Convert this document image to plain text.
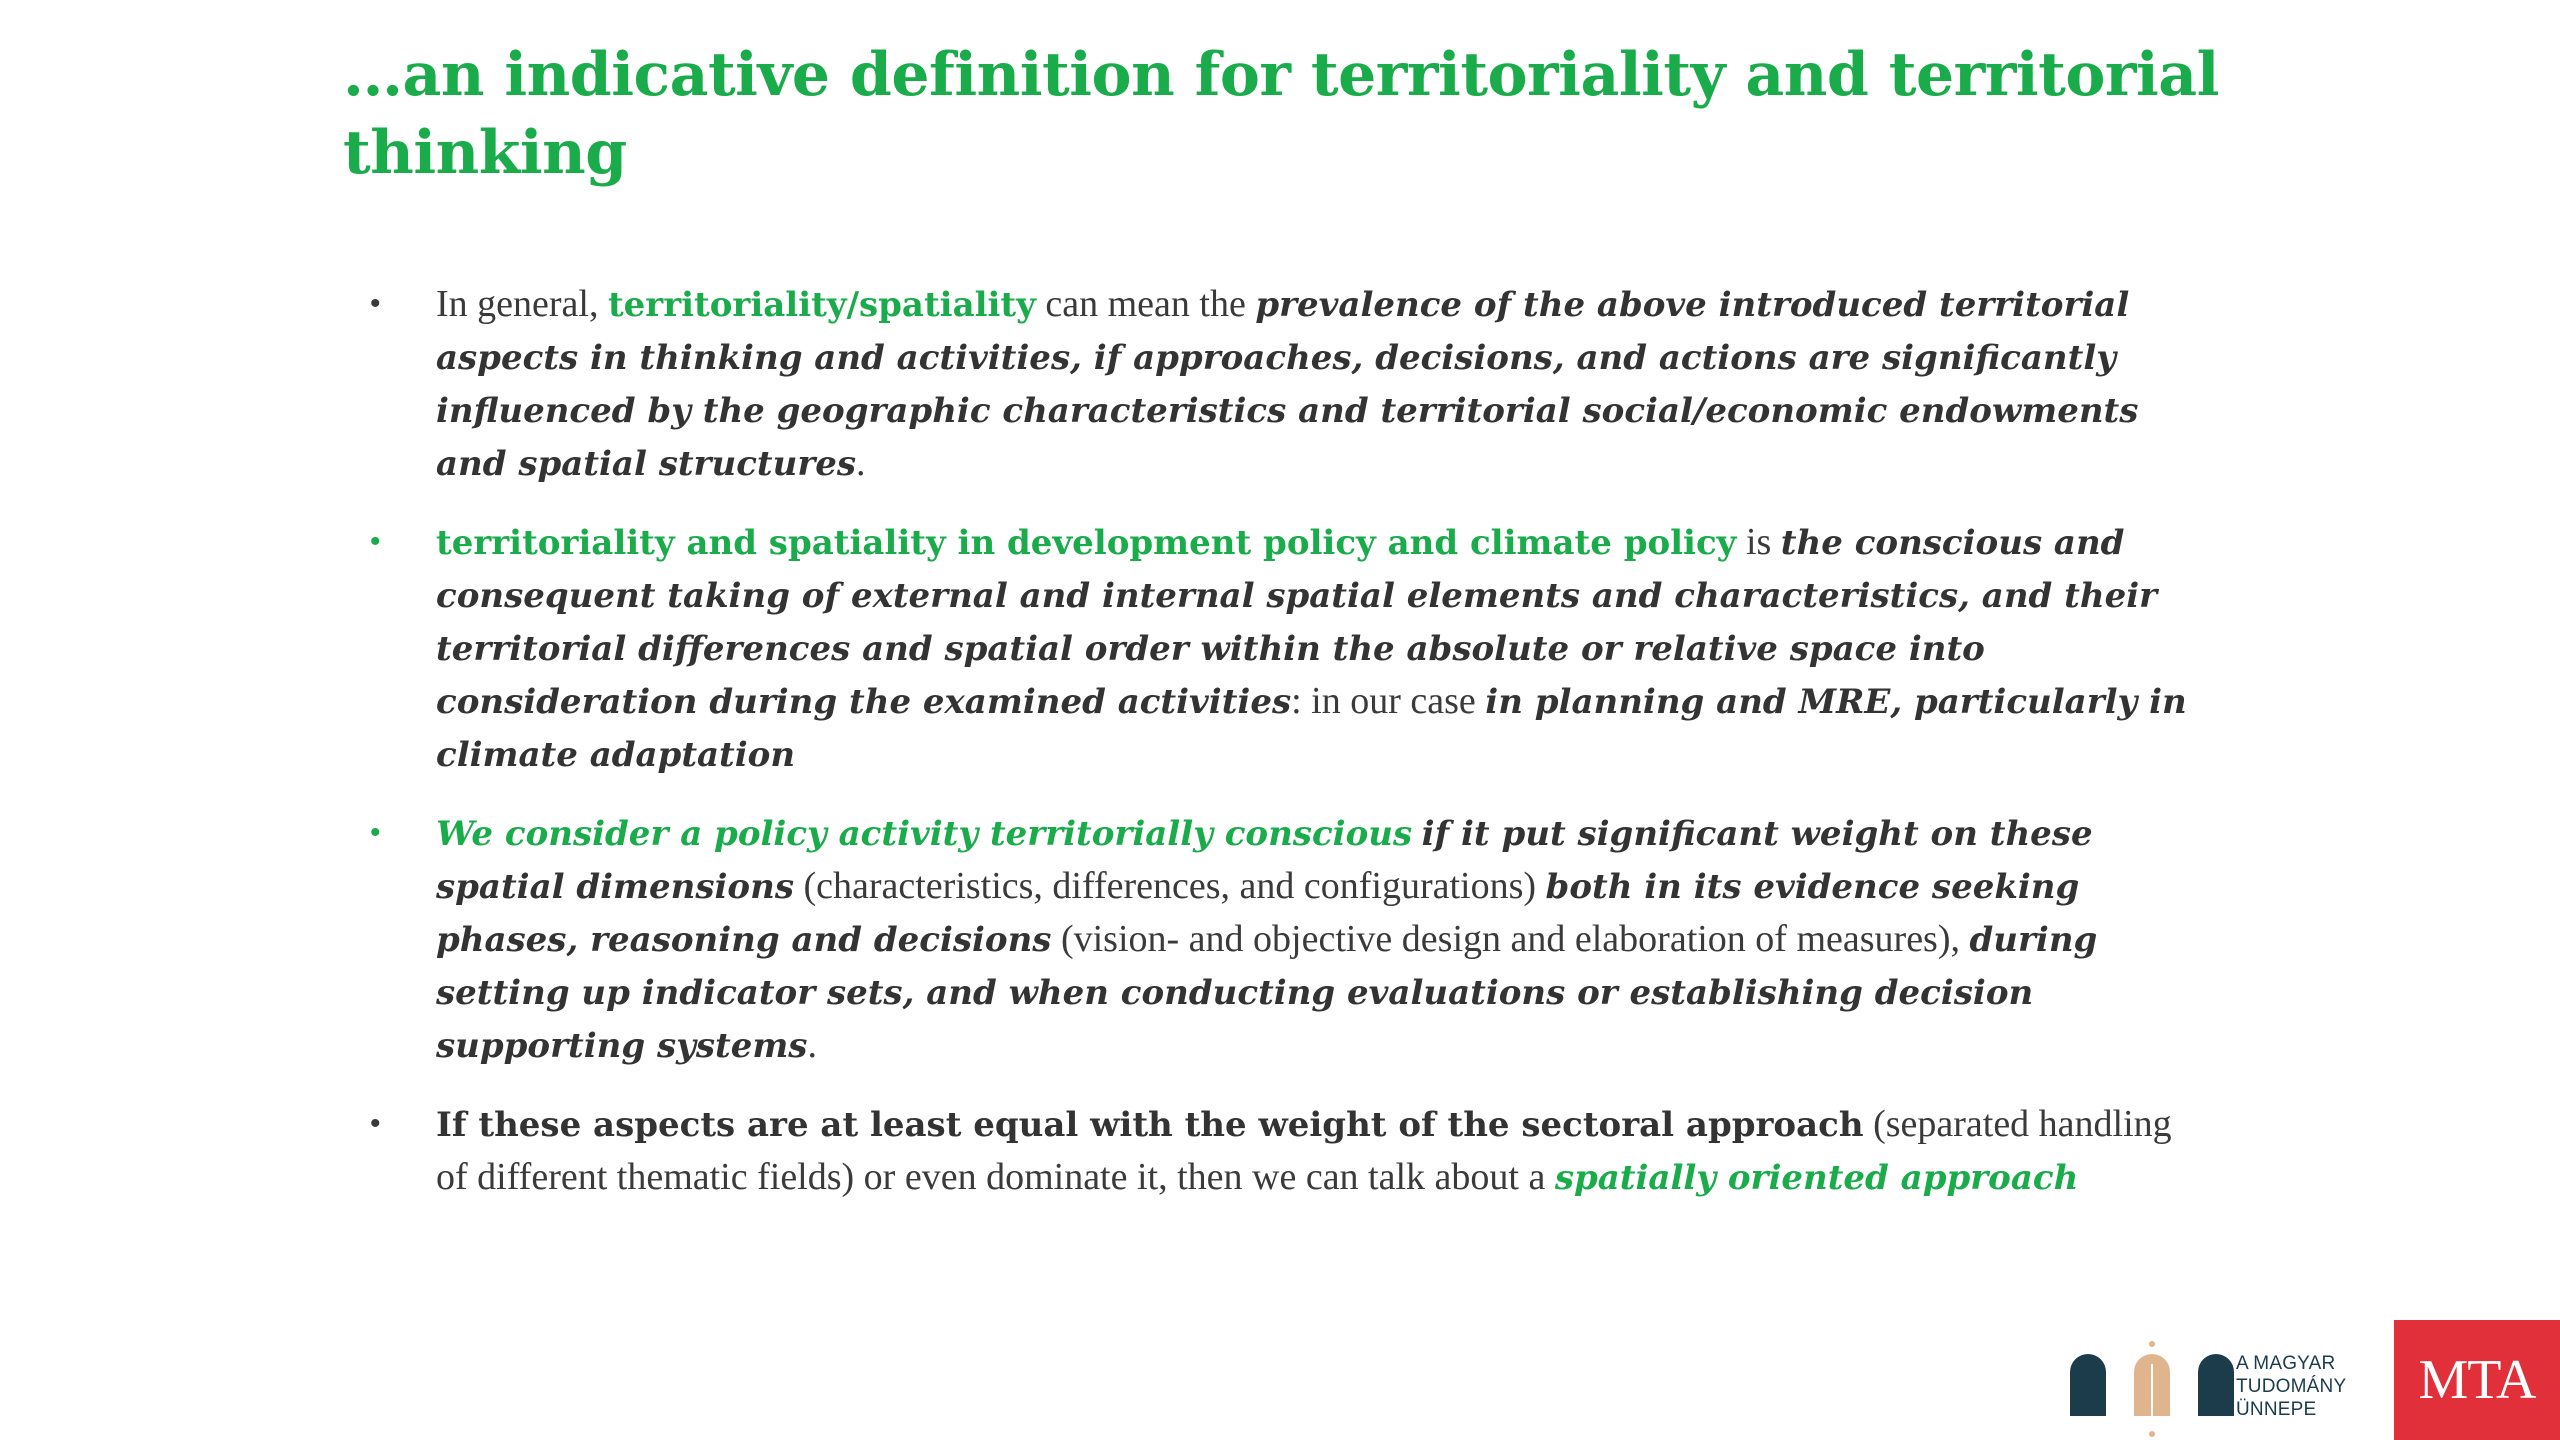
…an indicative definition for territoriality and territorial thinking
•	In general, territoriality/spatiality can mean the prevalence of the above introduced territorial aspects in thinking and activities, if approaches, decisions, and actions are significantly influenced by the geographic characteristics and territorial social/economic endowments and spatial structures.
•	territoriality and spatiality in development policy and climate policy is the conscious and consequent taking of external and internal spatial elements and characteristics, and their territorial differences and spatial order within the absolute or relative space into consideration during the examined activities: in our case in planning and MRE, particularly in climate adaptation
•	We consider a policy activity territorially conscious if it put significant weight on these spatial dimensions (characteristics, differences, and configurations) both in its evidence seeking phases, reasoning and decisions (vision- and objective design and elaboration of measures), during setting up indicator sets, and when conducting evaluations or establishing decision supporting systems.
•	If these aspects are at least equal with the weight of the sectoral approach (separated handling of different thematic fields) or even dominate it, then we can talk about a spatially oriented approach
A MAGYAR
TUDOMÁNY
ÜNNEPE	MTA
